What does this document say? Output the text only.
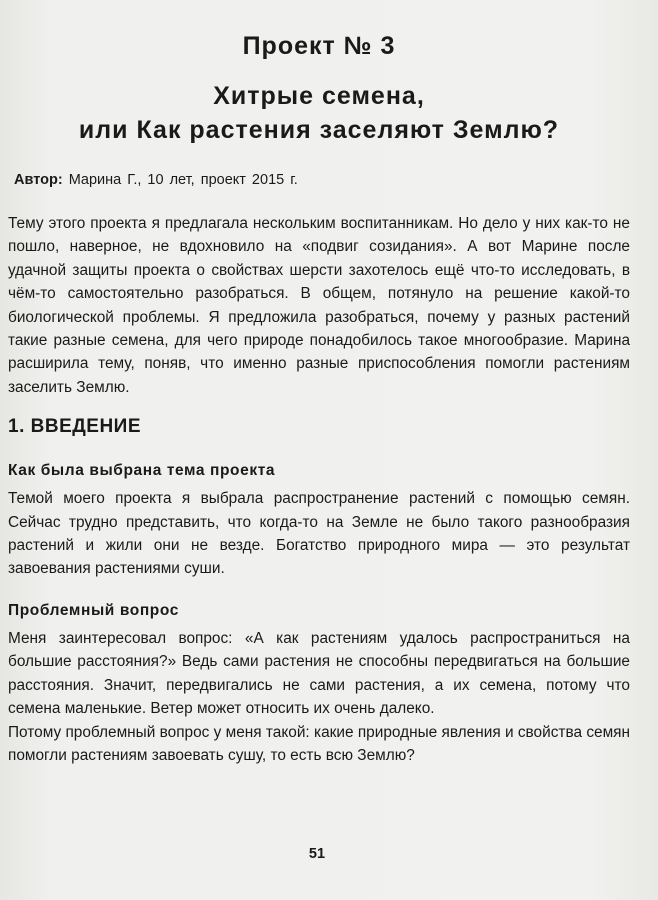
Проект № 3
Хитрые семена,
или Как растения заселяют Землю?

Автор: Марина Г., 10 лет, проект 2015 г.

Тему этого проекта я предлагала нескольким воспитанникам. Но дело у них как-то не пошло, наверное, не вдохновило на «подвиг созидания». А вот Марине после удачной защиты проекта о свойствах шерсти захотелось ещё что-то исследовать, в чём-то самостоятельно разобраться. В общем, потянуло на решение какой-то биологической проблемы. Я предложила разобраться, почему у разных растений такие разные семена, для чего природе понадобилось такое многообразие. Марина расширила тему, поняв, что именно разные приспособления помогли растениям заселить Землю.

1. ВВЕДЕНИЕ
Как была выбрана тема проекта

Темой моего проекта я выбрала распространение растений с помощью семян. Сейчас трудно представить, что когда-то на Земле не было такого разнообразия растений и жили они не везде. Богатство природного мира — это результат завоевания растениями суши.

Проблемный вопрос

Меня заинтересовал вопрос: «А как растениям удалось распространиться на большие расстояния?» Ведь сами растения не способны передвигаться на большие расстояния. Значит, передвигались не сами растения, а их семена, потому что семена маленькие. Ветер может относить их очень далеко.

Потому проблемный вопрос у меня такой: какие природные явления и свойства семян помогли растениям завоевать сушу, то есть всю Землю?

51
